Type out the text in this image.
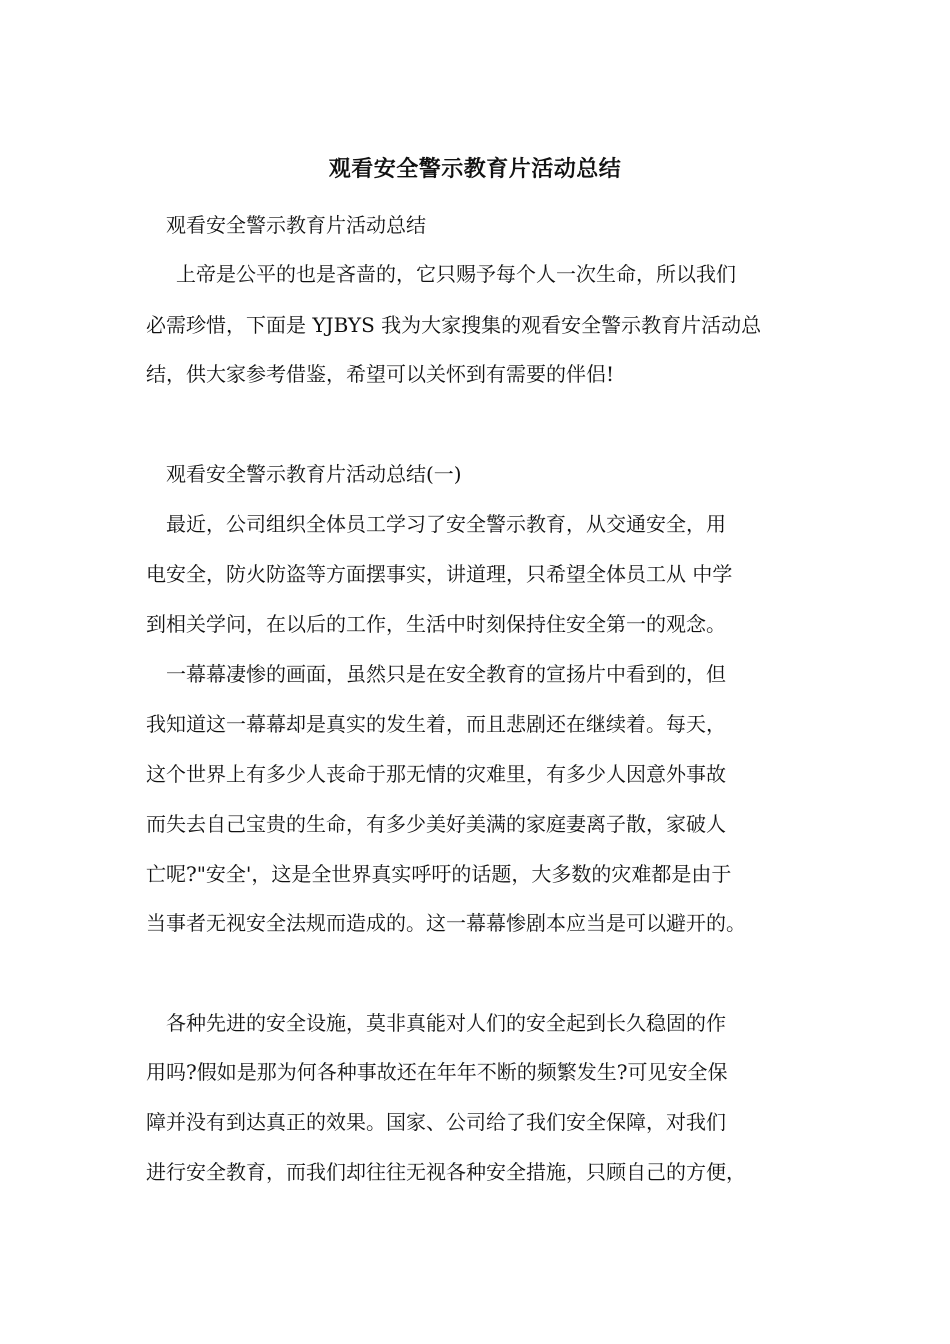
观看安全警示教育片活动总结
观看安全警示教育片活动总结
上帝是公平的也是吝啬的，它只赐予每个人一次生命，所以我们
必需珍惜，下面是 YJBYS 我为大家搜集的观看安全警示教育片活动总
结，供大家参考借鉴，希望可以关怀到有需要的伴侣!
观看安全警示教育片活动总结(一)
最近，公司组织全体员工学习了安全警示教育，从交通安全，用
电安全，防火防盗等方面摆事实，讲道理，只希望全体员工从 中学
到相关学问，在以后的工作，生活中时刻保持住安全第一的观念。
一幕幕凄惨的画面，虽然只是在安全教育的宣扬片中看到的，但
我知道这一幕幕却是真实的发生着，而且悲剧还在继续着。每天，
这个世界上有多少人丧命于那无情的灾难里，有多少人因意外事故
而失去自己宝贵的生命，有多少美好美满的家庭妻离子散，家破人
亡呢?"安全'，这是全世界真实呼吁的话题，大多数的灾难都是由于
当事者无视安全法规而造成的。这一幕幕惨剧本应当是可以避开的。
各种先进的安全设施，莫非真能对人们的安全起到长久稳固的作
用吗?假如是那为何各种事故还在年年不断的频繁发生?可见安全保
障并没有到达真正的效果。国家、公司给了我们安全保障，对我们
进行安全教育，而我们却往往无视各种安全措施，只顾自己的方便，
